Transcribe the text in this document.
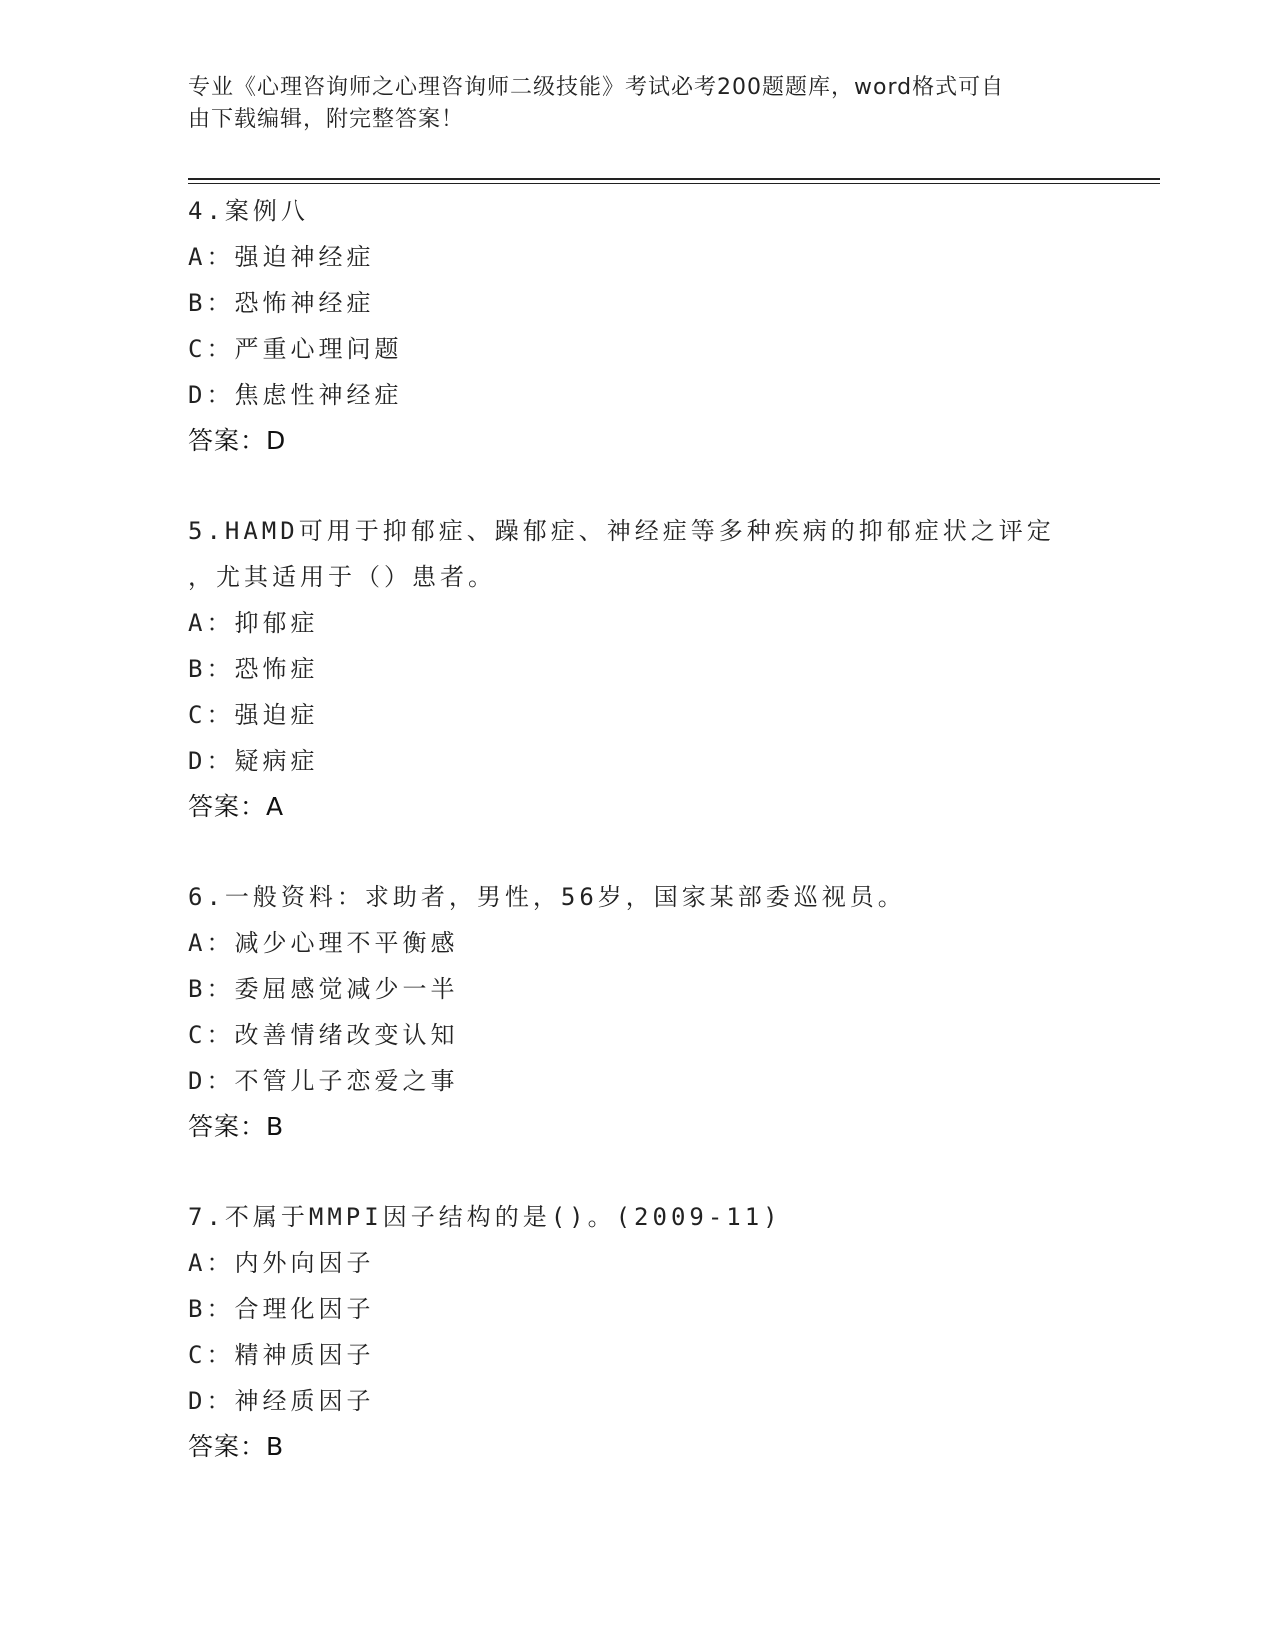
专业《心理咨询师之心理咨询师二级技能》考试必考200题题库，word格式可自
由下载编辑，附完整答案！
4.案例八
A：强迫神经症
B：恐怖神经症
C：严重心理问题
D：焦虑性神经症
答案：D
5.HAMD可用于抑郁症、躁郁症、神经症等多种疾病的抑郁症状之评定
，尤其适用于（）患者。
A：抑郁症
B：恐怖症
C：强迫症
D：疑病症
答案：A
6.一般资料：求助者，男性，56岁，国家某部委巡视员。
A：减少心理不平衡感
B：委屈感觉减少一半
C：改善情绪改变认知
D：不管儿子恋爱之事
答案：B
7.不属于MMPI因子结构的是()。(2009-11)
A：内外向因子
B：合理化因子
C：精神质因子
D：神经质因子
答案：B
